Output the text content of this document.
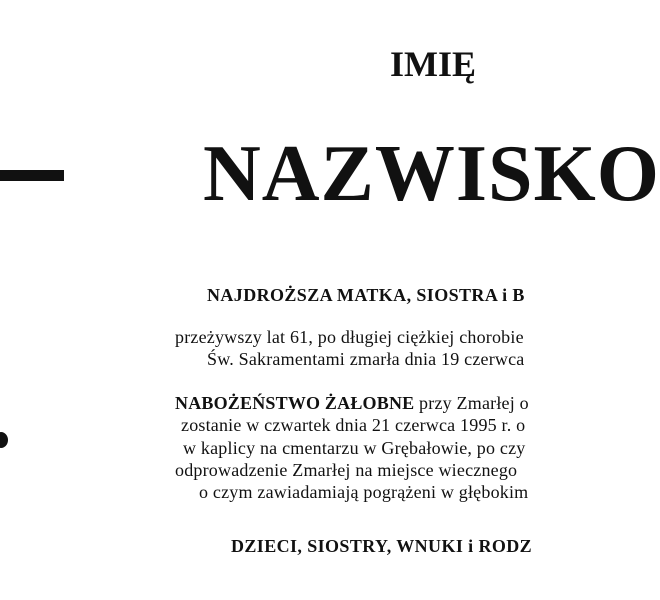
IMIĘ
NAZWISKO
NAJDROŻSZA MATKA, SIOSTRA i B
przeżywszy lat 61, po długiej ciężkiej chorobie
Św. Sakramentami zmarła dnia 19 czerwca
NABOŻEŃSTWO ŻAŁOBNE przy Zmarłej o
zostanie w czwartek dnia 21 czerwca 1995 r. o
w kaplicy na cmentarzu w Grębałowie, po czy
odprowadzenie Zmarłej na miejsce wiecznego
o czym zawiadamiają pogrążeni w głębokim
DZIECI, SIOSTRY, WNUKI i RODZ
